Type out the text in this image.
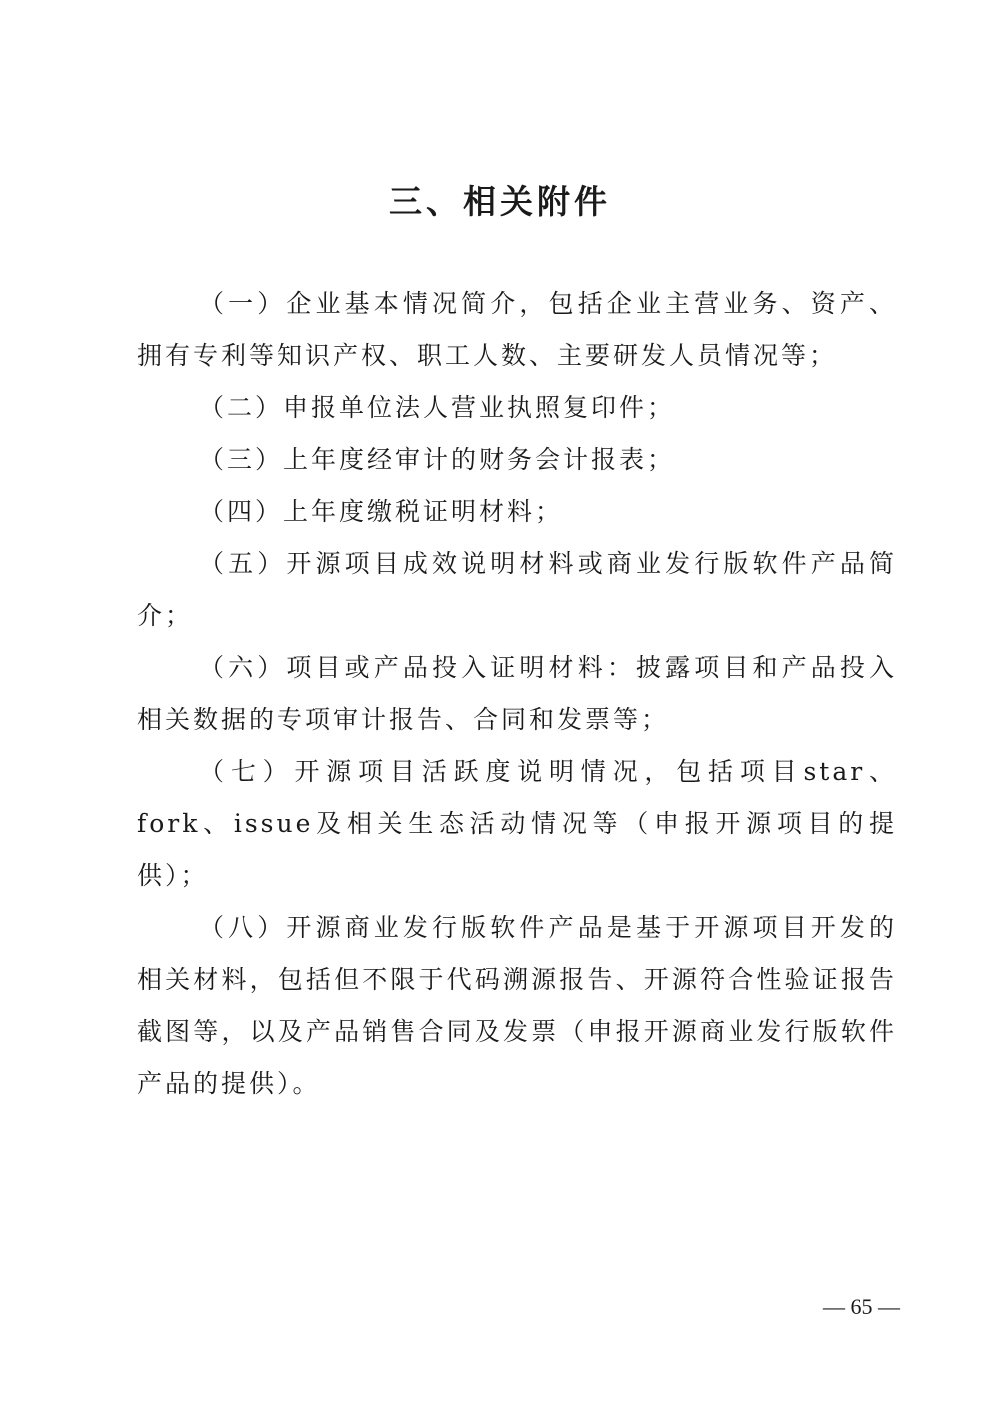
三、相关附件

（一）企业基本情况简介，包括企业主营业务、资产、拥有专利等知识产权、职工人数、主要研发人员情况等；

（二）申报单位法人营业执照复印件；

（三）上年度经审计的财务会计报表；

（四）上年度缴税证明材料；

（五）开源项目成效说明材料或商业发行版软件产品简介；

（六）项目或产品投入证明材料：披露项目和产品投入相关数据的专项审计报告、合同和发票等；

（七）开源项目活跃度说明情况，包括项目star、fork、issue及相关生态活动情况等（申报开源项目的提供）；

（八）开源商业发行版软件产品是基于开源项目开发的相关材料，包括但不限于代码溯源报告、开源符合性验证报告截图等，以及产品销售合同及发票（申报开源商业发行版软件产品的提供）。

— 65 —
